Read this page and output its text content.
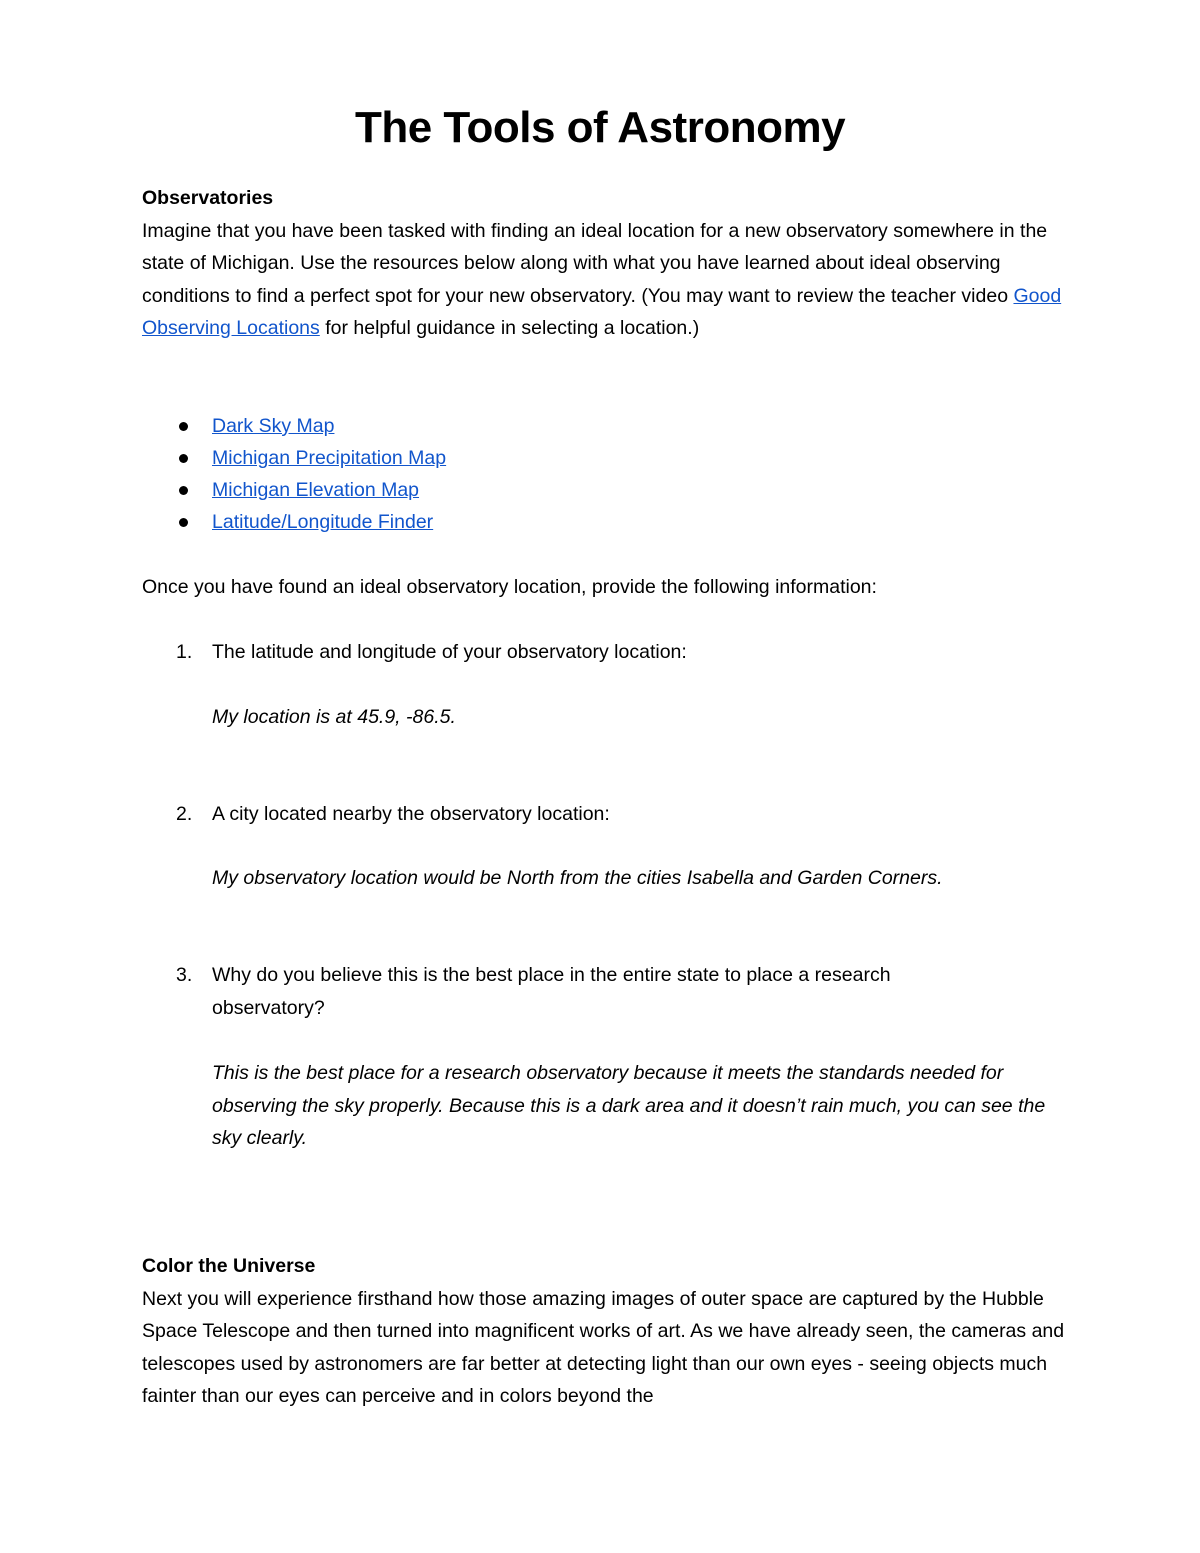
The Tools of Astronomy
Observatories
Imagine that you have been tasked with finding an ideal location for a new observatory somewhere in the state of Michigan. Use the resources below along with what you have learned about ideal observing conditions to find a perfect spot for your new observatory. (You may want to review the teacher video Good Observing Locations for helpful guidance in selecting a location.)
Dark Sky Map
Michigan Precipitation Map
Michigan Elevation Map
Latitude/Longitude Finder
Once you have found an ideal observatory location, provide the following information:
1. The latitude and longitude of your observatory location:
My location is at 45.9, -86.5.
2. A city located nearby the observatory location:
My observatory location would be North from the cities Isabella and Garden Corners.
3. Why do you believe this is the best place in the entire state to place a research observatory?
This is the best place for a research observatory because it meets the standards needed for observing the sky properly. Because this is a dark area and it doesn’t rain much, you can see the sky clearly.
Color the Universe
Next you will experience firsthand how those amazing images of outer space are captured by the Hubble Space Telescope and then turned into magnificent works of art. As we have already seen, the cameras and telescopes used by astronomers are far better at detecting light than our own eyes - seeing objects much fainter than our eyes can perceive and in colors beyond the
